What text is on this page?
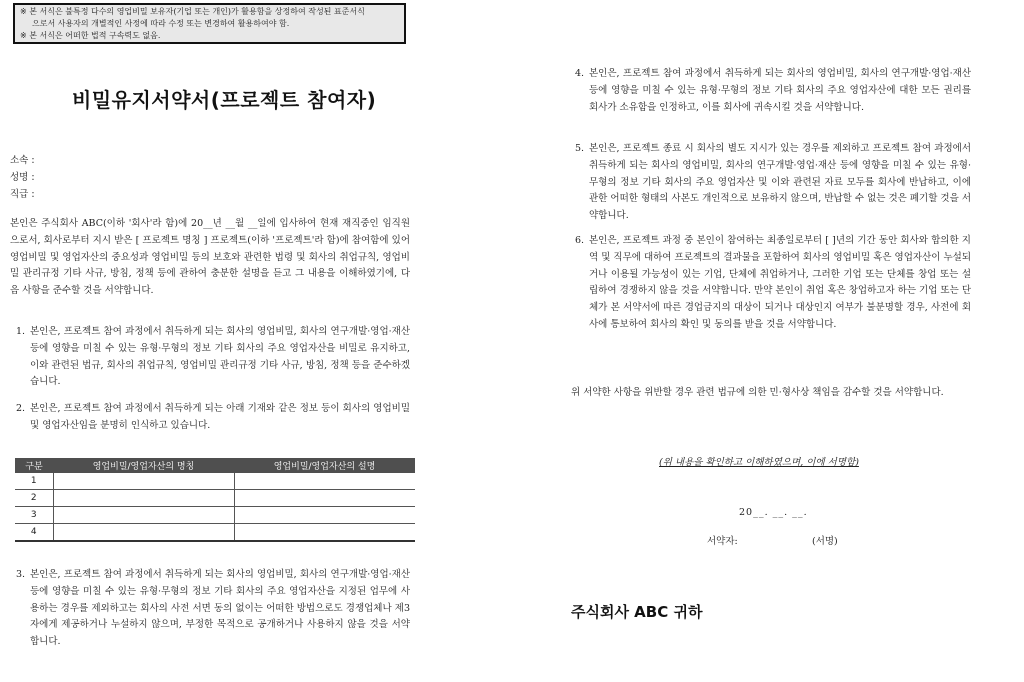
※ 본 서식은 불특정 다수의 영업비밀 보유자(기업 또는 개인)가 활용함을 상정하여 작성된 표준서식
으로서 사용자의 개별적인 사정에 따라 수정 또는 변경하여 활용하여야 함.
※ 본 서식은 어떠한 법적 구속력도 없음.
비밀유지서약서(프로젝트 참여자)
소속 :
성명 :
직급 :
본인은 주식회사 ABC(이하 '회사'라 함)에 20__년 __월 __일에 입사하여 현재 재직중인 임직원으로서, 회사로부터 지시 받은 [ 프로젝트 명칭 ] 프로젝트(이하 '프로젝트'라 함)에 참여함에 있어 영업비밀 및 영업자산의 중요성과 영업비밀 등의 보호와 관련한 법령 및 회사의 취업규칙, 영업비밀 관리규정 기타 사규, 방침, 정책 등에 관하여 충분한 설명을 듣고 그 내용을 이해하였기에, 다음 사항을 준수할 것을 서약합니다.
1. 본인은, 프로젝트 참여 과정에서 취득하게 되는 회사의 영업비밀, 회사의 연구개발·영업·재산 등에 영향을 미칠 수 있는 유형·무형의 정보 기타 회사의 주요 영업자산을 비밀로 유지하고, 이와 관련된 법규, 회사의 취업규칙, 영업비밀 관리규정 기타 사규, 방침, 정책 등을 준수하겠습니다.
2. 본인은, 프로젝트 참여 과정에서 취득하게 되는 아래 기재와 같은 정보 등이 회사의 영업비밀 및 영업자산임을 분명히 인식하고 있습니다.
구분	영업비밀/영업자산의 명칭	영업비밀/영업자산의 설명
1		
2		
3		
4		
3. 본인은, 프로젝트 참여 과정에서 취득하게 되는 회사의 영업비밀, 회사의 연구개발·영업·재산 등에 영향을 미칠 수 있는 유형·무형의 정보 기타 회사의 주요 영업자산을 지정된 업무에 사용하는 경우를 제외하고는 회사의 사전 서면 동의 없이는 어떠한 방법으로도 경쟁업체나 제3자에게 제공하거나 누설하지 않으며, 부정한 목적으로 공개하거나 사용하지 않을 것을 서약합니다.
4. 본인은, 프로젝트 참여 과정에서 취득하게 되는 회사의 영업비밀, 회사의 연구개발·영업·재산 등에 영향을 미칠 수 있는 유형·무형의 정보 기타 회사의 주요 영업자산에 대한 모든 권리를 회사가 소유함을 인정하고, 이를 회사에 귀속시킬 것을 서약합니다.
5. 본인은, 프로젝트 종료 시 회사의 별도 지시가 있는 경우를 제외하고 프로젝트 참여 과정에서 취득하게 되는 회사의 영업비밀, 회사의 연구개발·영업·재산 등에 영향을 미칠 수 있는 유형·무형의 정보 기타 회사의 주요 영업자산 및 이와 관련된 자료 모두를 회사에 반납하고, 이에 관한 어떠한 형태의 사본도 개인적으로 보유하지 않으며, 반납할 수 없는 것은 폐기할 것을 서약합니다.
6. 본인은, 프로젝트 과정 중 본인이 참여하는 최종일로부터 [ ]년의 기간 동안 회사와 합의한 지역 및 직무에 대하여 프로젝트의 결과물을 포함하여 회사의 영업비밀 혹은 영업자산이 누설되거나 이용될 가능성이 있는 기업, 단체에 취업하거나, 그러한 기업 또는 단체를 창업 또는 설립하여 경쟁하지 않을 것을 서약합니다. 만약 본인이 취업 혹은 창업하고자 하는 기업 또는 단체가 본 서약서에 따른 경업금지의 대상이 되거나 대상인지 여부가 불분명할 경우, 사전에 회사에 통보하여 회사의 확인 및 동의를 받을 것을 서약합니다.
위 서약한 사항을 위반할 경우 관련 법규에 의한 민·형사상 책임을 감수할 것을 서약합니다.
(위 내용을 확인하고 이해하였으며, 이에 서명함)
20__. __. __.
서약자:	(서명)
주식회사 ABC 귀하
